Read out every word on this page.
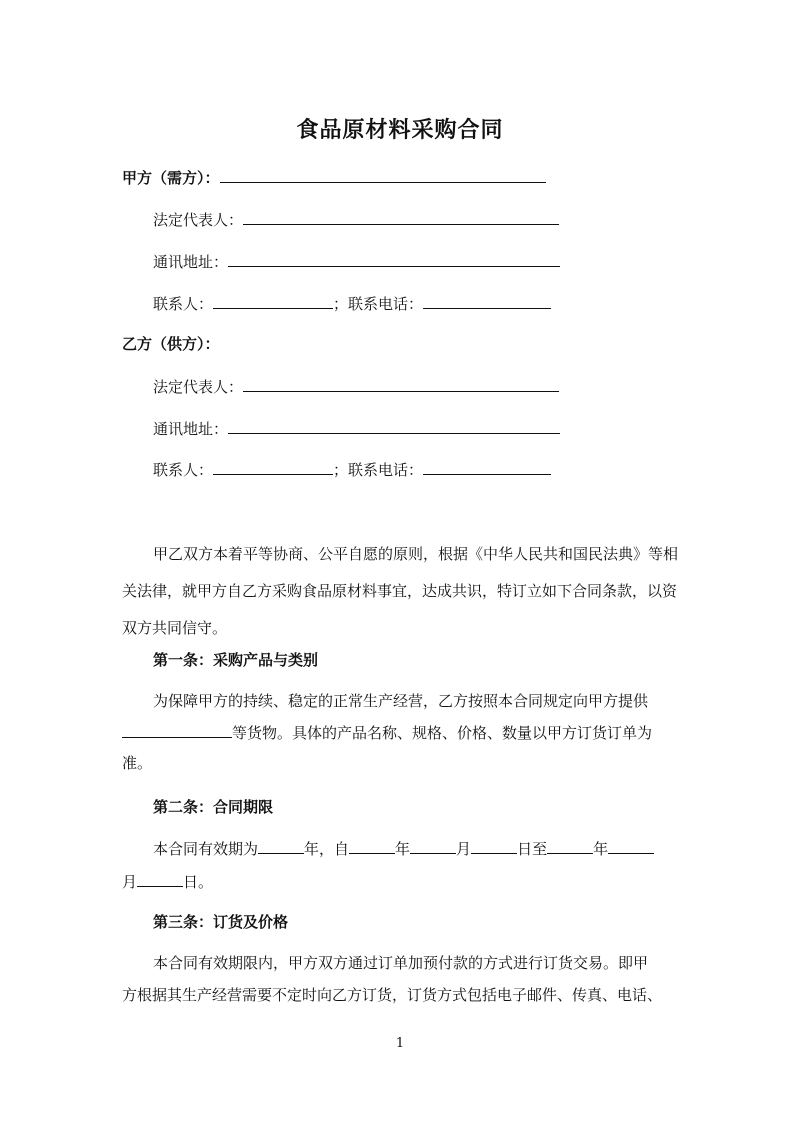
食品原材料采购合同
甲方（需方）：
法定代表人：
通讯地址：
联系人：	；联系电话：
乙方（供方）：
法定代表人：
通讯地址：
联系人：	；联系电话：
甲乙双方本着平等协商、公平自愿的原则，根据《中华人民共和国民法典》等相关法律，就甲方自乙方采购食品原材料事宜，达成共识，特订立如下合同条款，以资双方共同信守。
第一条：采购产品与类别
为保障甲方的持续、稳定的正常生产经营，乙方按照本合同规定向甲方提供
等货物。具体的产品名称、规格、价格、数量以甲方订货订单为
准。
第二条：合同期限
本合同有效期为	年，自	年	月	日至	年
月	日。
第三条：订货及价格
本合同有效期限内，甲方双方通过订单加预付款的方式进行订货交易。即甲
方根据其生产经营需要不定时向乙方订货，订货方式包括电子邮件、传真、电话、
1
